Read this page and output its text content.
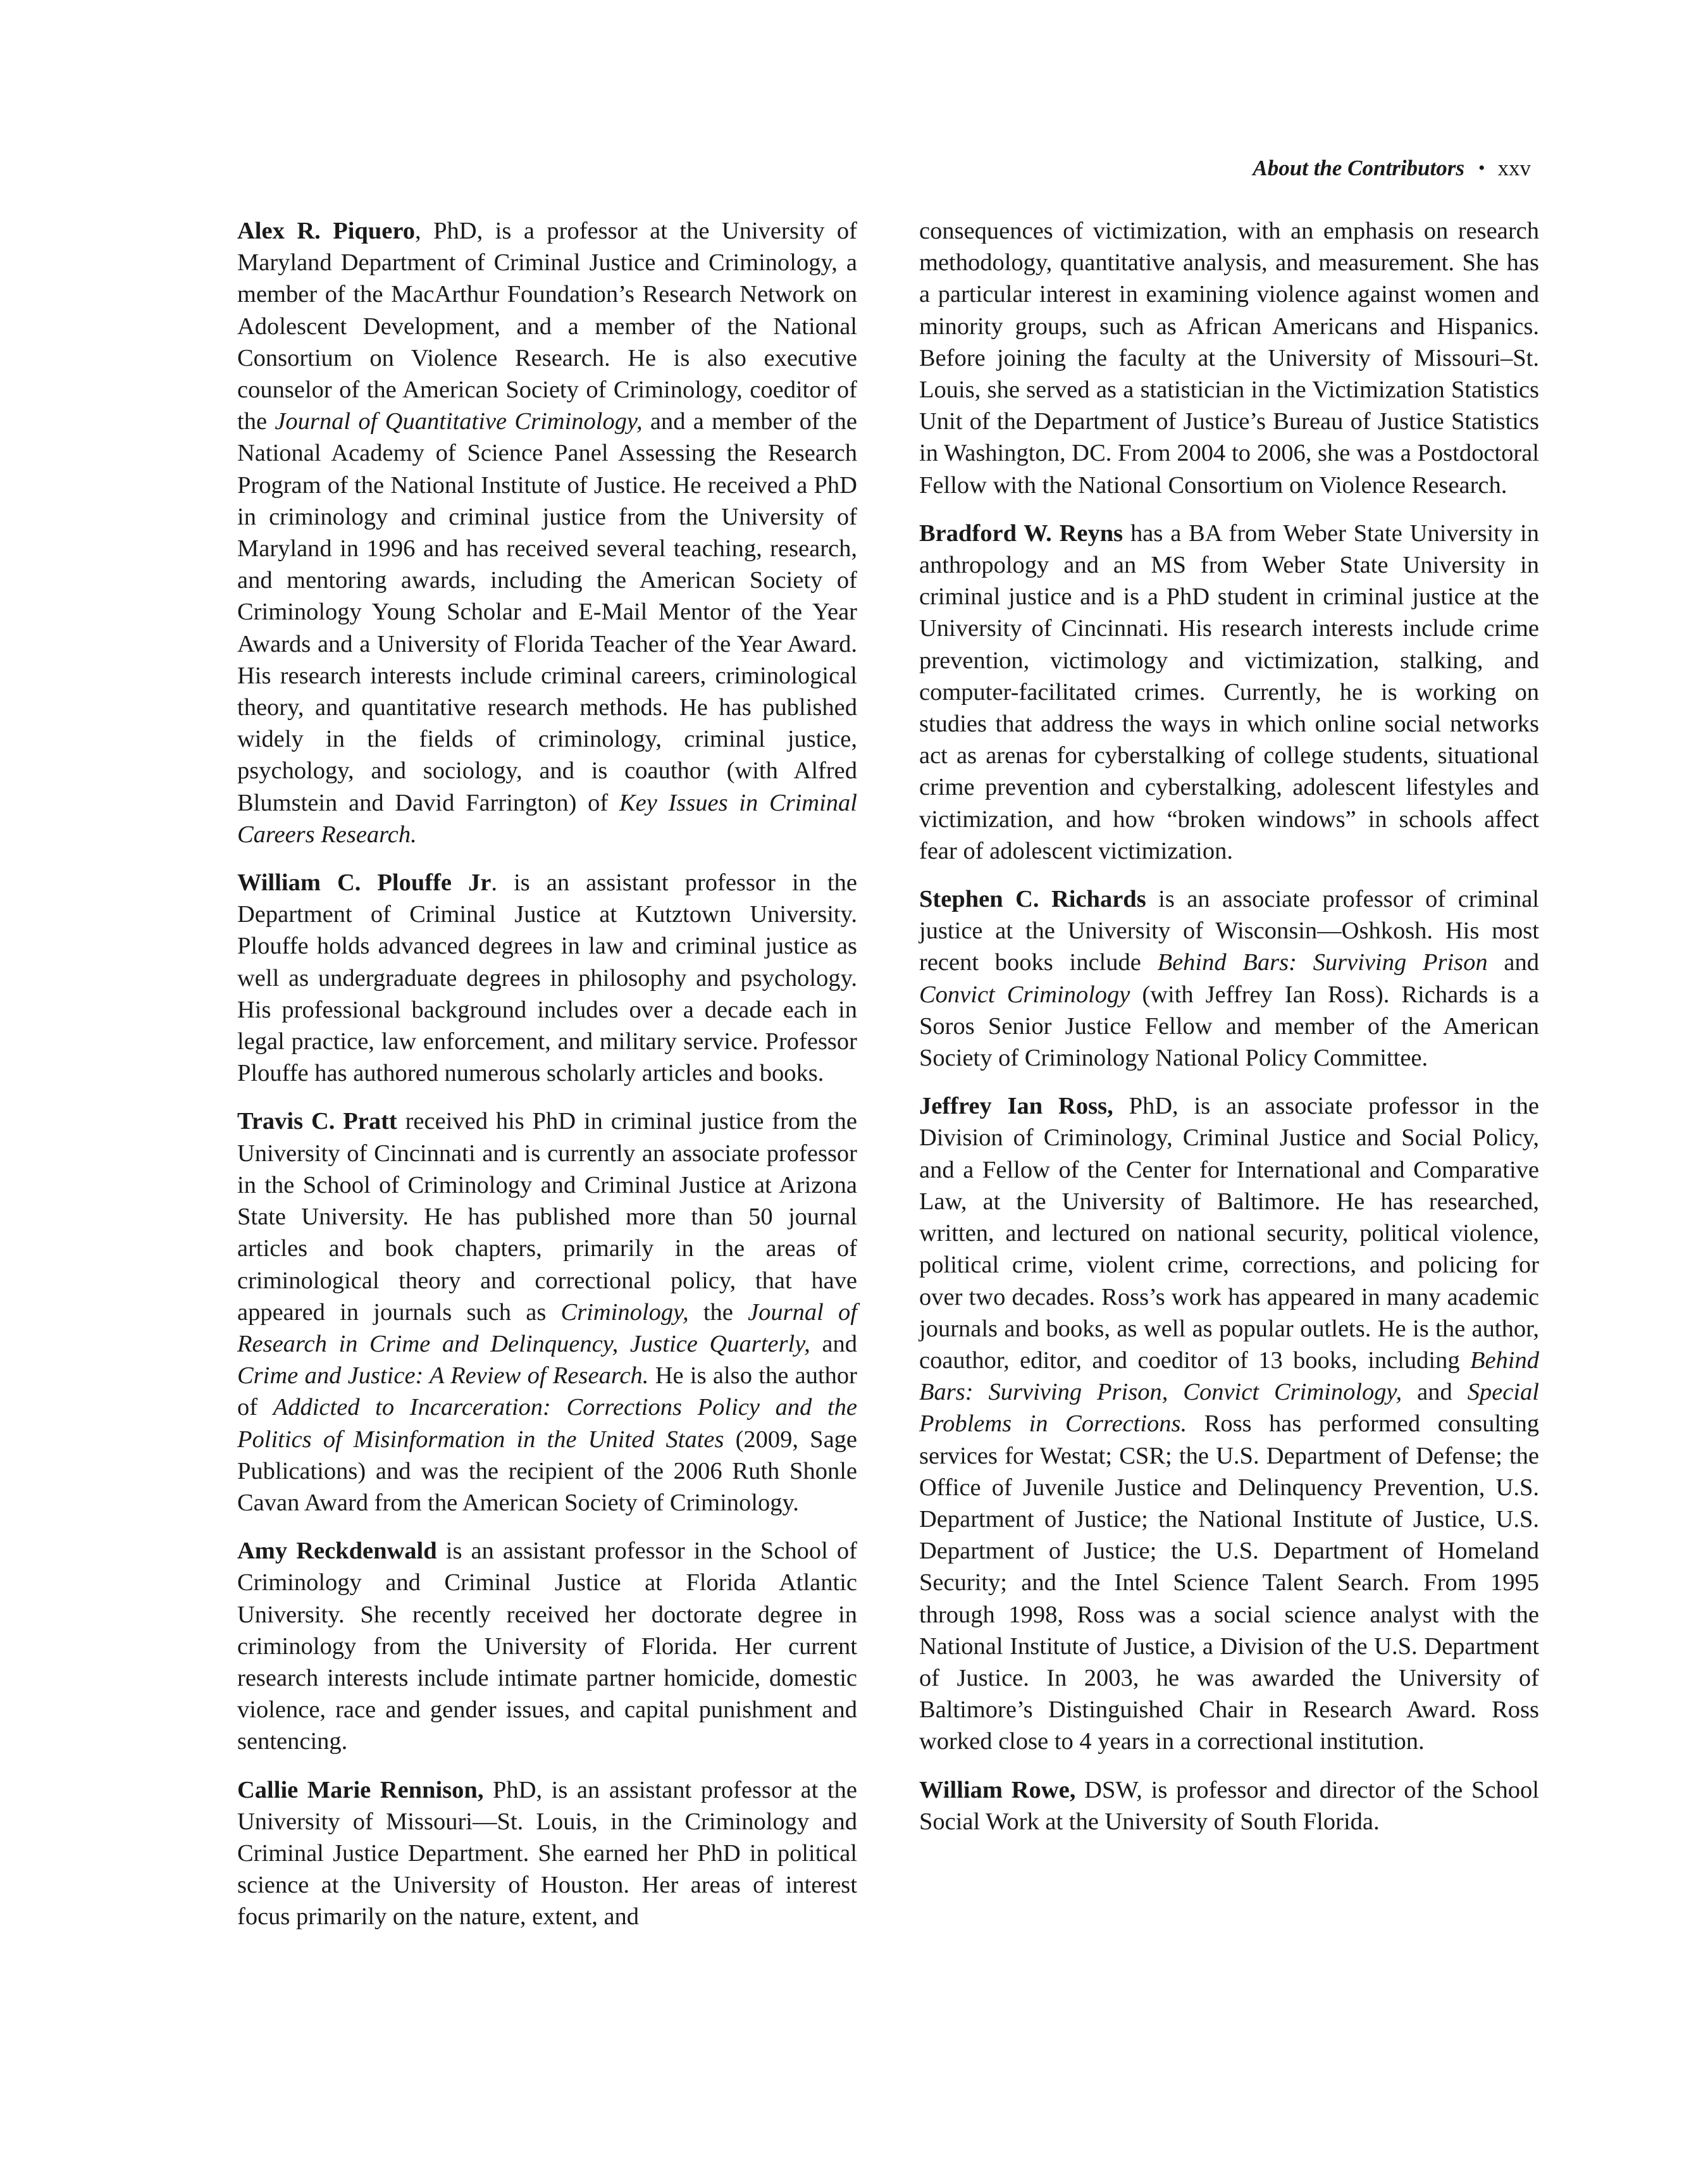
About the Contributors • xxv

Alex R. Piquero, PhD, is a professor at the University of Maryland Department of Criminal Justice and Criminology, a member of the MacArthur Foundation’s Research Network on Adolescent Development, and a member of the National Consortium on Violence Research. He is also executive counselor of the American Society of Criminology, coeditor of the Journal of Quantitative Criminology, and a member of the National Academy of Science Panel Assessing the Research Program of the National Institute of Justice. He received a PhD in criminology and criminal justice from the University of Maryland in 1996 and has received several teaching, research, and mentoring awards, including the American Society of Criminology Young Scholar and E-Mail Mentor of the Year Awards and a University of Florida Teacher of the Year Award. His research interests include criminal careers, criminological theory, and quantitative research methods. He has published widely in the fields of criminology, criminal justice, psychology, and sociology, and is coauthor (with Alfred Blumstein and David Farrington) of Key Issues in Criminal Careers Research.

William C. Plouffe Jr. is an assistant professor in the Department of Criminal Justice at Kutztown University. Plouffe holds advanced degrees in law and criminal justice as well as undergraduate degrees in philosophy and psychology. His professional background includes over a decade each in legal practice, law enforcement, and military service. Professor Plouffe has authored numerous scholarly articles and books.

Travis C. Pratt received his PhD in criminal justice from the University of Cincinnati and is currently an associate professor in the School of Criminology and Criminal Justice at Arizona State University. He has published more than 50 journal articles and book chapters, primarily in the areas of criminological theory and correctional policy, that have appeared in journals such as Criminology, the Journal of Research in Crime and Delinquency, Justice Quarterly, and Crime and Justice: A Review of Research. He is also the author of Addicted to Incarceration: Corrections Policy and the Politics of Misinformation in the United States (2009, Sage Publications) and was the recipient of the 2006 Ruth Shonle Cavan Award from the American Society of Criminology.

Amy Reckdenwald is an assistant professor in the School of Criminology and Criminal Justice at Florida Atlantic University. She recently received her doctorate degree in criminology from the University of Florida. Her current research interests include intimate partner homicide, domestic violence, race and gender issues, and capital punishment and sentencing.

Callie Marie Rennison, PhD, is an assistant professor at the University of Missouri—St. Louis, in the Criminology and Criminal Justice Department. She earned her PhD in political science at the University of Houston. Her areas of interest focus primarily on the nature, extent, and

consequences of victimization, with an emphasis on research methodology, quantitative analysis, and measurement. She has a particular interest in examining violence against women and minority groups, such as African Americans and Hispanics. Before joining the faculty at the University of Missouri–St. Louis, she served as a statistician in the Victimization Statistics Unit of the Department of Justice’s Bureau of Justice Statistics in Washington, DC. From 2004 to 2006, she was a Postdoctoral Fellow with the National Consortium on Violence Research.

Bradford W. Reyns has a BA from Weber State University in anthropology and an MS from Weber State University in criminal justice and is a PhD student in criminal justice at the University of Cincinnati. His research interests include crime prevention, victimology and victimization, stalking, and computer-facilitated crimes. Currently, he is working on studies that address the ways in which online social networks act as arenas for cyberstalking of college students, situational crime prevention and cyberstalking, adolescent lifestyles and victimization, and how “broken windows” in schools affect fear of adolescent victimization.

Stephen C. Richards is an associate professor of criminal justice at the University of Wisconsin—Oshkosh. His most recent books include Behind Bars: Surviving Prison and Convict Criminology (with Jeffrey Ian Ross). Richards is a Soros Senior Justice Fellow and member of the American Society of Criminology National Policy Committee.

Jeffrey Ian Ross, PhD, is an associate professor in the Division of Criminology, Criminal Justice and Social Policy, and a Fellow of the Center for International and Comparative Law, at the University of Baltimore. He has researched, written, and lectured on national security, political violence, political crime, violent crime, corrections, and policing for over two decades. Ross’s work has appeared in many academic journals and books, as well as popular outlets. He is the author, coauthor, editor, and coeditor of 13 books, including Behind Bars: Surviving Prison, Convict Criminology, and Special Problems in Corrections. Ross has performed consulting services for Westat; CSR; the U.S. Department of Defense; the Office of Juvenile Justice and Delinquency Prevention, U.S. Department of Justice; the National Institute of Justice, U.S. Department of Justice; the U.S. Department of Homeland Security; and the Intel Science Talent Search. From 1995 through 1998, Ross was a social science analyst with the National Institute of Justice, a Division of the U.S. Department of Justice. In 2003, he was awarded the University of Baltimore’s Distinguished Chair in Research Award. Ross worked close to 4 years in a correctional institution.

William Rowe, DSW, is professor and director of the School Social Work at the University of South Florida.
